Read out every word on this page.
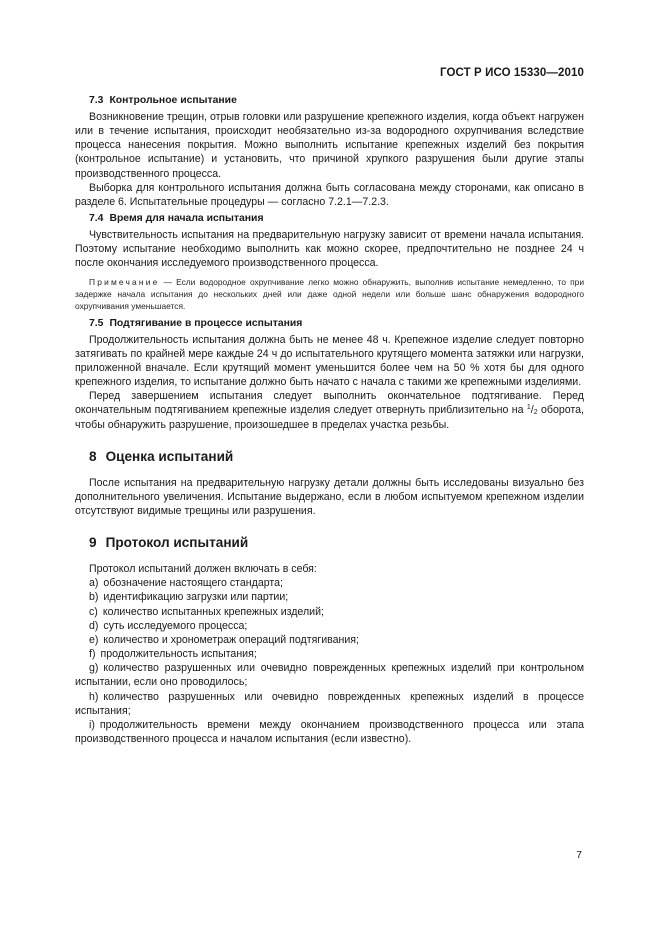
ГОСТ Р ИСО 15330—2010
7.3 Контрольное испытание

Возникновение трещин, отрыв головки или разрушение крепежного изделия, когда объект нагружен или в течение испытания, происходит необязательно из-за водородного охрупчивания вследствие процесса нанесения покрытия. Можно выполнить испытание крепежных изделий без покрытия (контрольное испытание) и установить, что причиной хрупкого разрушения были другие этапы производственного процесса.

Выборка для контрольного испытания должна быть согласована между сторонами, как описано в разделе 6. Испытательные процедуры — согласно 7.2.1—7.2.3.

7.4 Время для начала испытания

Чувствительность испытания на предварительную нагрузку зависит от времени начала испытания. Поэтому испытание необходимо выполнить как можно скорее, предпочтительно не позднее 24 ч после окончания исследуемого производственного процесса.

Примечание — Если водородное охрупчивание легко можно обнаружить, выполнив испытание немедленно, то при задержке начала испытания до нескольких дней или даже одной недели или больше шанс обнаружения водородного охрупчивания уменьшается.

7.5 Подтягивание в процессе испытания

Продолжительность испытания должна быть не менее 48 ч. Крепежное изделие следует повторно затягивать по крайней мере каждые 24 ч до испытательного крутящего момента затяжки или нагрузки, приложенной вначале. Если крутящий момент уменьшится более чем на 50 % хотя бы для одного крепежного изделия, то испытание должно быть начато с начала с такими же крепежными изделиями.

Перед завершением испытания следует выполнить окончательное подтягивание. Перед окончательным подтягиванием крепежные изделия следует отвернуть приблизительно на $^1/_2$ оборота, чтобы обнаружить разрушение, произошедшее в пределах участка резьбы.

8 Оценка испытаний

После испытания на предварительную нагрузку детали должны быть исследованы визуально без дополнительного увеличения. Испытание выдержано, если в любом испытуемом крепежном изделии отсутствуют видимые трещины или разрушения.

9 Протокол испытаний

Протокол испытаний должен включать в себя:

a) обозначение настоящего стандарта;

b) идентификацию загрузки или партии;

c) количество испытанных крепежных изделий;

d) суть исследуемого процесса;

e) количество и хронометраж операций подтягивания;

f) продолжительность испытания;

g) количество разрушенных или очевидно поврежденных крепежных изделий при контрольном испытании, если оно проводилось;

h) количество разрушенных или очевидно поврежденных крепежных изделий в процессе испытания;

i) продолжительность времени между окончанием производственного процесса или этапа производственного процесса и началом испытания (если известно).

7
